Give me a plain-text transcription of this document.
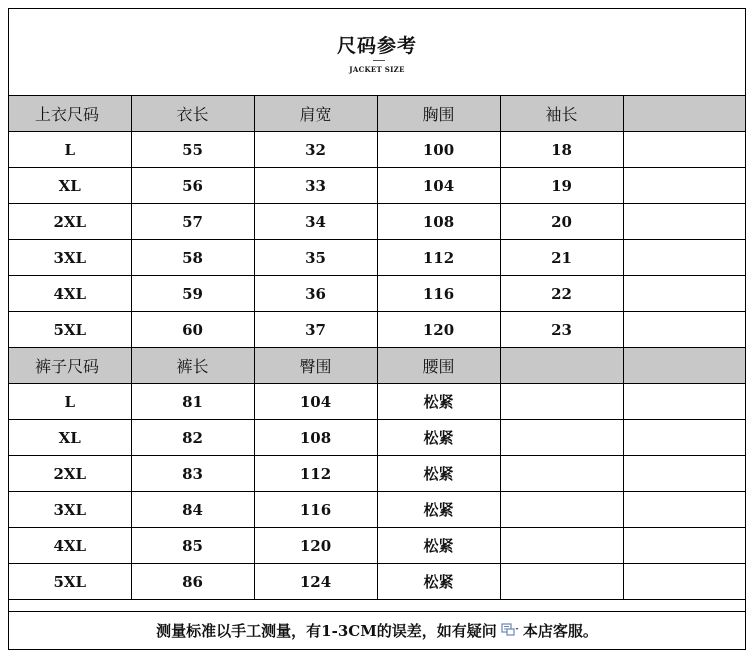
尺码参考
JACKET SIZE
上衣尺码	衣长	肩宽	胸围	袖长	
L	55	32	100	18	
XL	56	33	104	19	
2XL	57	34	108	20	
3XL	58	35	112	21	
4XL	59	36	116	22	
5XL	60	37	120	23	
裤子尺码	裤长	臀围	腰围		
L	81	104	松紧		
XL	82	108	松紧		
2XL	83	112	松紧		
3XL	84	116	松紧		
4XL	85	120	松紧		
5XL	86	124	松紧		
测量标准以手工测量，有1-3CM的误差，如有疑问 本店客服。
